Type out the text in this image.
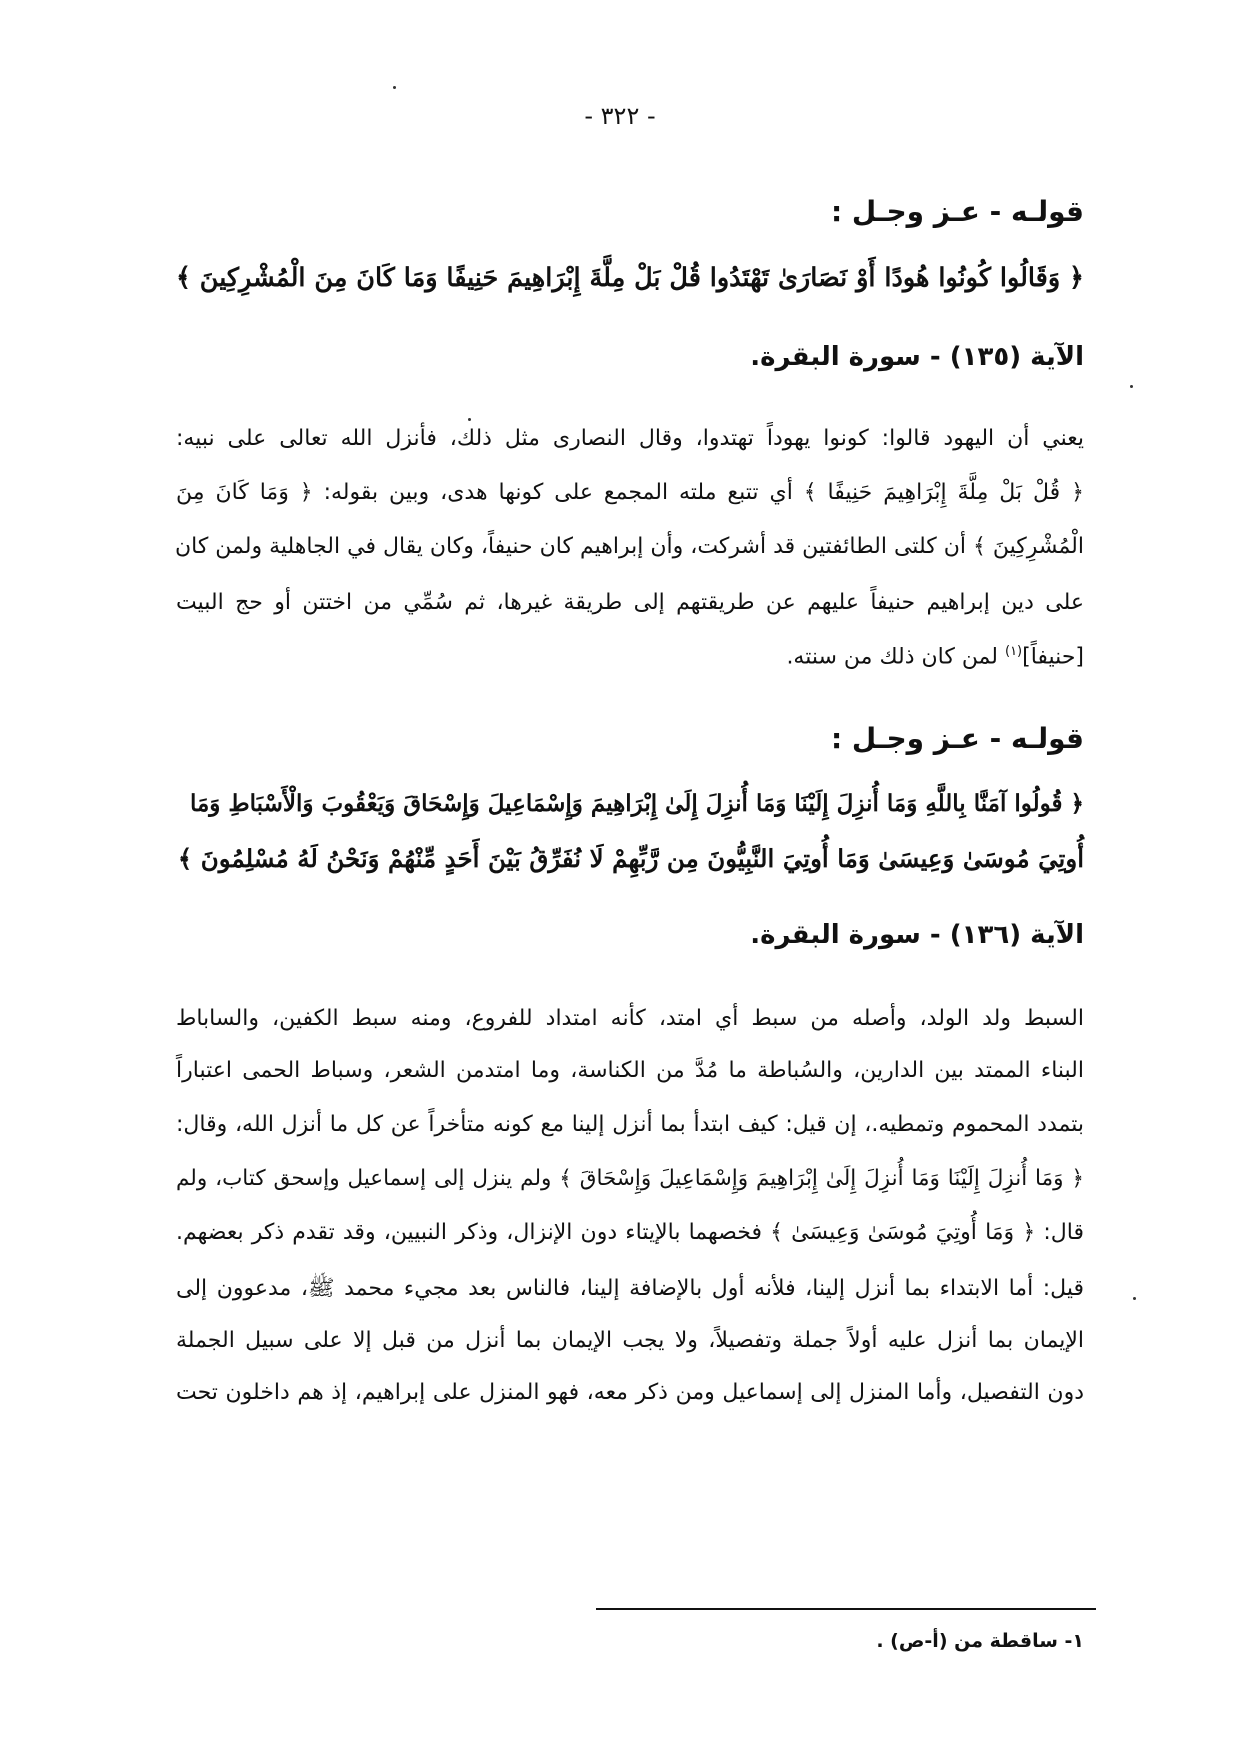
- ٣٢٢ -
قولـه - عـز وجـل :
﴿ وَقَالُوا كُونُوا هُودًا أَوْ نَصَارَىٰ تَهْتَدُوا قُلْ بَلْ مِلَّةَ إِبْرَاهِيمَ حَنِيفًا وَمَا كَانَ مِنَ الْمُشْرِكِينَ ﴾
الآية (١٣٥) - سورة البقرة.
يعني أن اليهود قالوا: كونوا يهوداً تهتدوا، وقال النصارى مثل ذلك، فأنزل الله تعالى على نبيه:
﴿ قُلْ بَلْ مِلَّةَ إِبْرَاهِيمَ حَنِيفًا ﴾ أي تتبع ملته المجمع على كونها هدى، وبين بقوله: ﴿ وَمَا كَانَ مِنَ
الْمُشْرِكِينَ ﴾ أن كلتى الطائفتين قد أشركت، وأن إبراهيم كان حنيفاً، وكان يقال في الجاهلية ولمن كان
على دين إبراهيم حنيفاً عليهم عن طريقتهم إلى طريقة غيرها، ثم سُمِّي من اختتن أو حج البيت
[حنيفاً]$^{(١)}$ لمن كان ذلك من سنته.
قولـه - عـز وجـل :
﴿ قُولُوا آمَنَّا بِاللَّهِ وَمَا أُنزِلَ إِلَيْنَا وَمَا أُنزِلَ إِلَىٰ إِبْرَاهِيمَ وَإِسْمَاعِيلَ وَإِسْحَاقَ وَيَعْقُوبَ وَالْأَسْبَاطِ وَمَا
أُوتِيَ مُوسَىٰ وَعِيسَىٰ وَمَا أُوتِيَ النَّبِيُّونَ مِن رَّبِّهِمْ لَا نُفَرِّقُ بَيْنَ أَحَدٍ مِّنْهُمْ وَنَحْنُ لَهُ مُسْلِمُونَ ﴾
الآية (١٣٦) - سورة البقرة.
السبط ولد الولد، وأصله من سبط أي امتد، كأنه امتداد للفروع، ومنه سبط الكفين، والساباط
البناء الممتد بين الدارين، والسُباطة ما مُدَّ من الكناسة، وما امتدمن الشعر، وسباط الحمى اعتباراً
بتمدد المحموم وتمطيه.، إن قيل: كيف ابتدأ بما أنزل إلينا مع كونه متأخراً عن كل ما أنزل الله، وقال:
﴿ وَمَا أُنزِلَ إِلَيْنَا وَمَا أُنزِلَ إِلَىٰ إِبْرَاهِيمَ وَإِسْمَاعِيلَ وَإِسْحَاقَ ﴾ ولم ينزل إلى إسماعيل وإسحق كتاب، ولم
قال: ﴿ وَمَا أُوتِيَ مُوسَىٰ وَعِيسَىٰ ﴾ فخصهما بالإيتاء دون الإنزال، وذكر النبيين، وقد تقدم ذكر بعضهم.
قيل: أما الابتداء بما أنزل إلينا، فلأنه أول بالإضافة إلينا، فالناس بعد مجيء محمد ﷺ، مدعوون إلى
الإيمان بما أنزل عليه أولاً جملة وتفصيلاً، ولا يجب الإيمان بما أنزل من قبل إلا على سبيل الجملة
دون التفصيل، وأما المنزل إلى إسماعيل ومن ذكر معه، فهو المنزل على إبراهيم، إذ هم داخلون تحت
١- ساقطة من (أ-ص) .
